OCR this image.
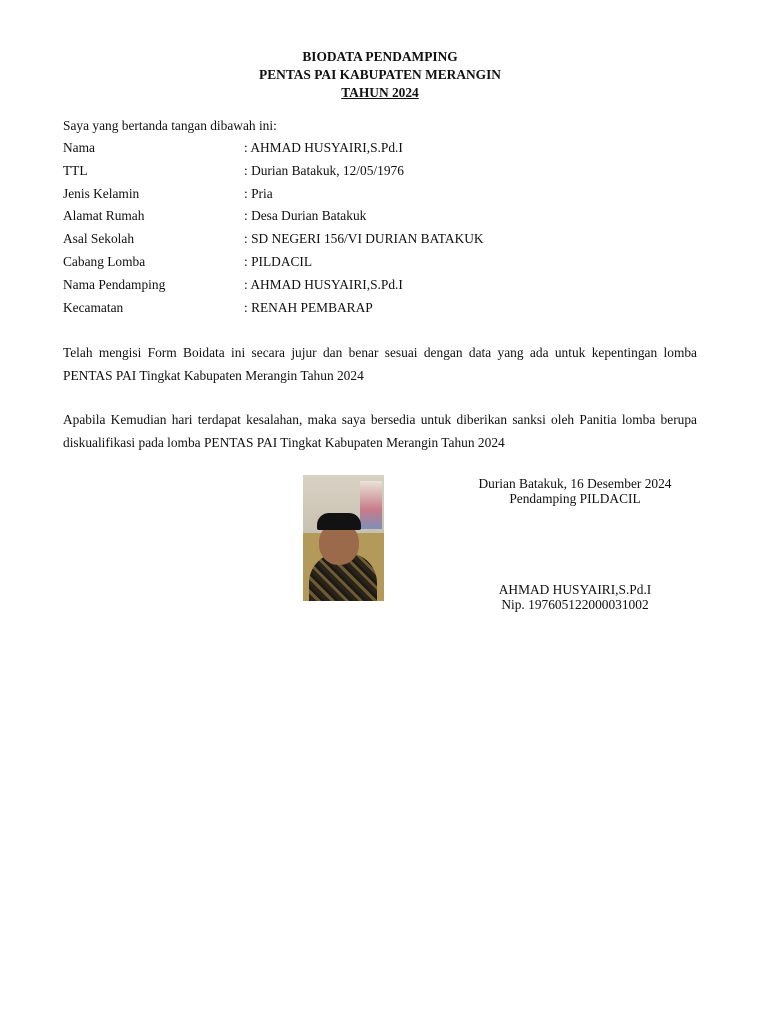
BIODATA PENDAMPING
PENTAS PAI KABUPATEN MERANGIN
TAHUN 2024
Saya yang bertanda tangan dibawah ini:
Nama	: AHMAD HUSYAIRI,S.Pd.I
TTL	: Durian Batakuk, 12/05/1976
Jenis Kelamin	: Pria
Alamat Rumah	: Desa Durian Batakuk
Asal Sekolah	: SD NEGERI 156/VI DURIAN BATAKUK
Cabang Lomba	: PILDACIL
Nama Pendamping	: AHMAD HUSYAIRI,S.Pd.I
Kecamatan	: RENAH PEMBARAP
Telah mengisi Form Boidata ini secara jujur dan benar sesuai dengan data yang ada untuk kepentingan lomba PENTAS PAI Tingkat Kabupaten Merangin Tahun 2024
Apabila Kemudian hari terdapat kesalahan, maka saya bersedia untuk diberikan sanksi oleh Panitia lomba berupa diskualifikasi pada lomba PENTAS PAI Tingkat Kabupaten Merangin Tahun 2024
Durian Batakuk, 16 Desember 2024
Pendamping PILDACIL
AHMAD HUSYAIRI,S.Pd.I
Nip. 197605122000031002
